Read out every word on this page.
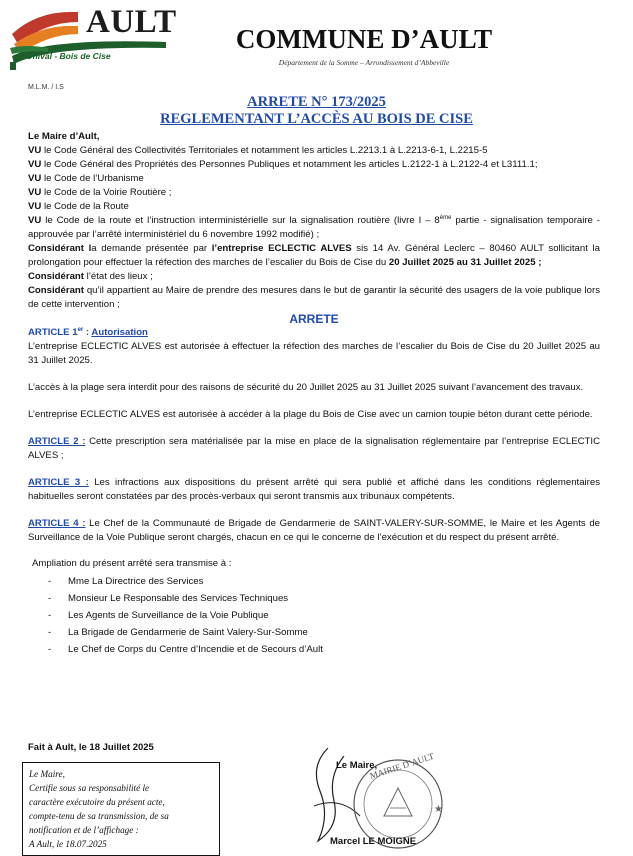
AULT
Onival - Bois de Cise
COMMUNE D’AULT
Département de la Somme – Arrondissement d’Abbeville
M.L.M. / I.S
ARRETE N° 173/2025
REGLEMENTANT L’ACCÈS AU BOIS DE CISE

Le Maire d’Ault,

VU le Code Général des Collectivités Territoriales et notamment les articles L.2213.1 à L.2213-6-1, L.2215-5

VU le Code Général des Propriétés des Personnes Publiques et notamment les articles L.2122-1 à L.2122-4 et L3111.1;

VU le Code de l’Urbanisme

VU le Code de la Voirie Routière ;

VU le Code de la Route

VU le Code de la route et l’instruction interministérielle sur la signalisation routière (livre I – 8ème partie - signalisation temporaire - approuvée par l’arrêté interministériel du 6 novembre 1992 modifié) ;

Considérant la demande présentée par l’entreprise ECLECTIC ALVES sis 14 Av. Général Leclerc – 80460 AULT sollicitant la prolongation pour effectuer la réfection des marches de l’escalier du Bois de Cise du 20 Juillet 2025 au 31 Juillet 2025 ;

Considérant l’état des lieux ;

Considérant qu’il appartient au Maire de prendre des mesures dans le but de garantir la sécurité des usagers de la voie publique lors de cette intervention ;

ARRETE

ARTICLE 1er : Autorisation

L’entreprise ECLECTIC ALVES est autorisée à effectuer la réfection des marches de l’escalier du Bois de Cise du 20 Juillet 2025 au 31 Juillet 2025.

L’accès à la plage sera interdit pour des raisons de sécurité du 20 Juillet 2025 au 31 Juillet 2025 suivant l’avancement des travaux.

L’entreprise ECLECTIC ALVES est autorisée à accéder à la plage du Bois de Cise avec un camion toupie béton durant cette période.

ARTICLE 2 : Cette prescription sera matérialisée par la mise en place de la signalisation réglementaire par l’entreprise ECLECTIC ALVES ;

ARTICLE 3 : Les infractions aux dispositions du présent arrêté qui sera publié et affiché dans les conditions réglementaires habituelles seront constatées par des procès-verbaux qui seront transmis aux tribunaux compétents.

ARTICLE 4 : Le Chef de la Communauté de Brigade de Gendarmerie de SAINT-VALERY-SUR-SOMME, le Maire et les Agents de Surveillance de la Voie Publique seront chargés, chacun en ce qui le concerne de l’exécution et du respect du présent arrêté.

Ampliation du présent arrêté sera transmise à :

- Mme La Directrice des Services
- Monsieur Le Responsable des Services Techniques
- Les Agents de Surveillance de la Voie Publique
- La Brigade de Gendarmerie de Saint Valery-Sur-Somme
- Le Chef de Corps du Centre d’Incendie et de Secours d’Ault
Fait à Ault, le 18 Juillet 2025
Le Maire,
Certifie sous sa responsabilité le
caractère exécutoire du présent acte,
compte-tenu de sa transmission, de sa
notification et de l’affichage :
A Ault, le 18.07.2025
★
MAIRIE D’AULT
Le Maire,
Marcel LE MOIGNE
